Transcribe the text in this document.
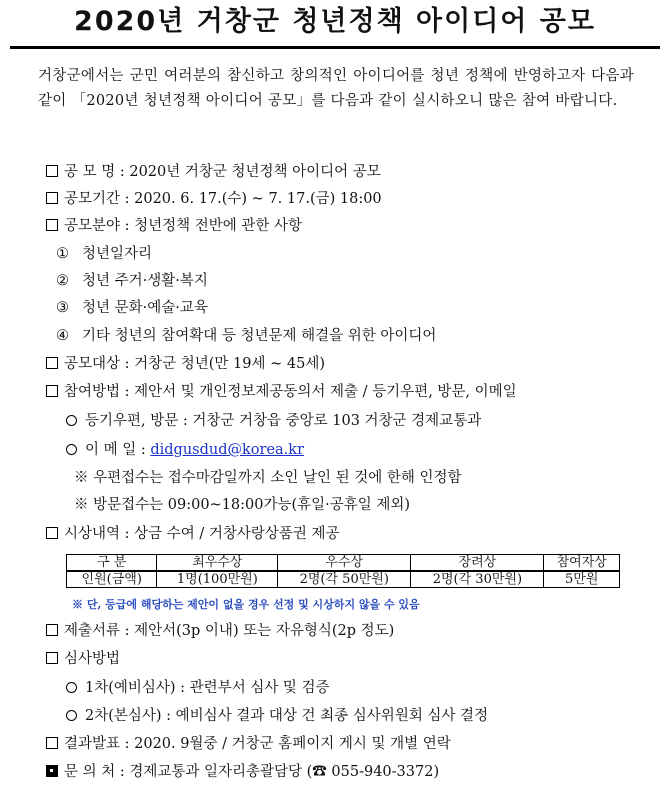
2020년 거창군 청년정책 아이디어 공모
거창군에서는 군민 여러분의 참신하고 창의적인 아이디어를 청년 정책에 반영하고자 다음과 같이 「2020년 청년정책 아이디어 공모」를 다음과 같이 실시하오니 많은 참여 바랍니다.
공 모 명 : 2020년 거창군 청년정책 아이디어 공모
공모기간 : 2020. 6. 17.(수) ~ 7. 17.(금) 18:00
공모분야 : 청년정책 전반에 관한 사항
① 청년일자리
② 청년 주거·생활·복지
③ 청년 문화·예술·교육
④ 기타 청년의 참여확대 등 청년문제 해결을 위한 아이디어
공모대상 : 거창군 청년(만 19세 ~ 45세)
참여방법 : 제안서 및 개인정보제공동의서 제출 / 등기우편, 방문, 이메일
등기우편, 방문 : 거창군 거창읍 중앙로 103 거창군 경제교통과
이 메 일 : didgusdud@korea.kr
※ 우편접수는 접수마감일까지 소인 날인 된 것에 한해 인정함
※ 방문접수는 09:00~18:00가능(휴일·공휴일 제외)
시상내역 : 상금 수여 / 거창사랑상품권 제공
구 분	최우수상	우수상	장려상	참여자상
인원(금액)	1명(100만원)	2명(각 50만원)	2명(각 30만원)	5만원
※ 단, 등급에 해당하는 제안이 없을 경우 선정 및 시상하지 않을 수 있음
제출서류 : 제안서(3p 이내) 또는 자유형식(2p 정도)
심사방법
1차(예비심사) : 관련부서 심사 및 검증
2차(본심사) : 예비심사 결과 대상 건 최종 심사위원회 심사 결정
결과발표 : 2020. 9월중 / 거창군 홈페이지 게시 및 개별 연락
문 의 처 : 경제교통과 일자리총괄담당 (☎ 055-940-3372)
